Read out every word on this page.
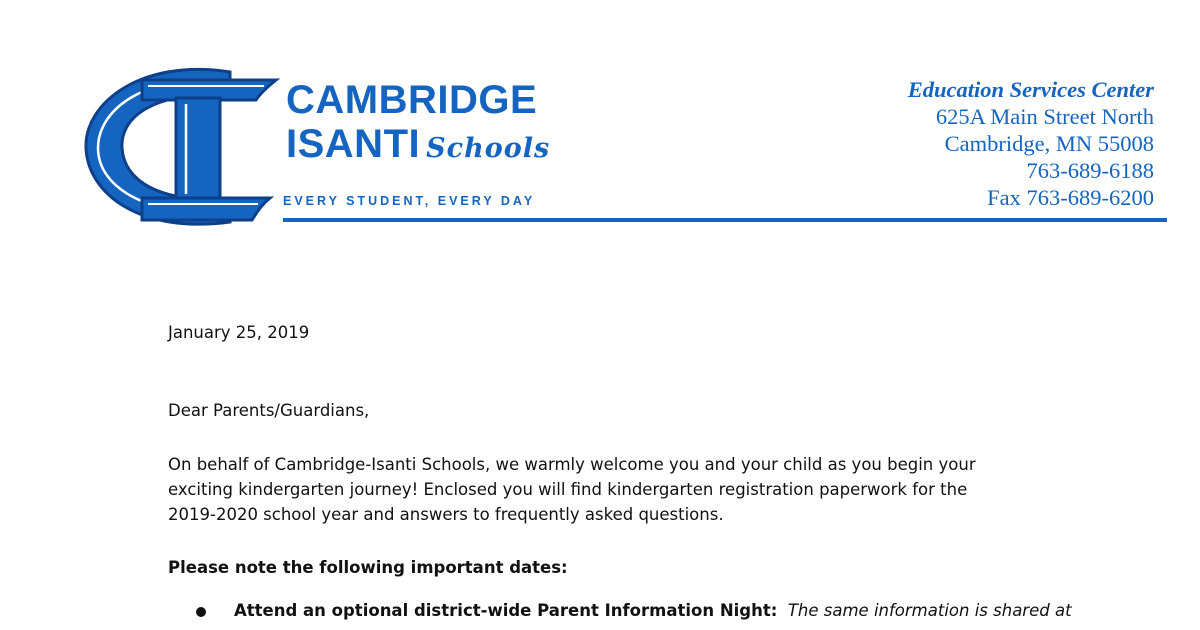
CAMBRIDGE
ISANTI Schools
EVERY STUDENT, EVERY DAY
Education Services Center
625A Main Street North
Cambridge, MN 55008
763-689-6188
Fax 763-689-6200
January 25, 2019
Dear Parents/Guardians,
On behalf of Cambridge-Isanti Schools, we warmly welcome you and your child as you begin your
exciting kindergarten journey! Enclosed you will find kindergarten registration paperwork for the
2019-2020 school year and answers to frequently asked questions.
Please note the following important dates:
Attend an optional district-wide Parent Information Night: The same information is shared at
